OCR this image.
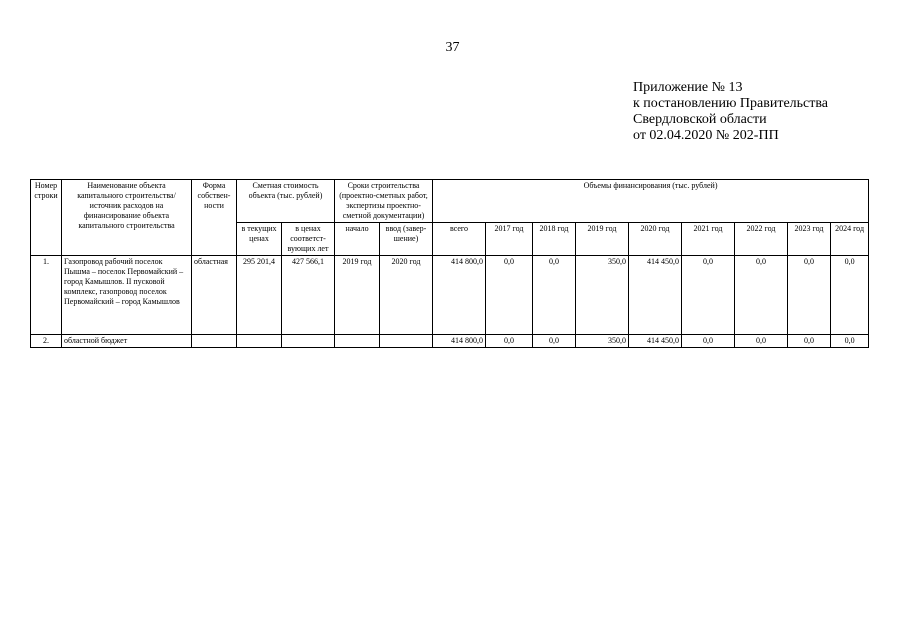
37
Приложение № 13
к постановлению Правительства
Свердловской области
от 02.04.2020 № 202-ПП
Номер строки	Наименование объекта капитального строительства/ источник расходов на финансирование объекта капитального строительства	Форма собствен-ности	Сметная стоимость объекта (тыс. рублей)		Сроки строительства (проектно-сметных работ, экспертизы проектно-сметной документации)		Объемы финансирования (тыс. рублей)								
			в текущих ценах	в ценах соответст-вующих лет	начало	ввод (завер-шение)	всего	2017 год	2018 год	2019 год	2020 год	2021 год	2022 год	2023 год	2024 год
1.	Газопровод рабочий поселок Пышма – поселок Первомайский – город Камышлов. II пусковой комплекс, газопровод поселок Первомайский – город Камышлов	областная	295 201,4	427 566,1	2019 год	2020 год	414 800,0	0,0	0,0	350,0	414 450,0	0,0	0,0	0,0	0,0
2.	областной бюджет						414 800,0	0,0	0,0	350,0	414 450,0	0,0	0,0	0,0	0,0
